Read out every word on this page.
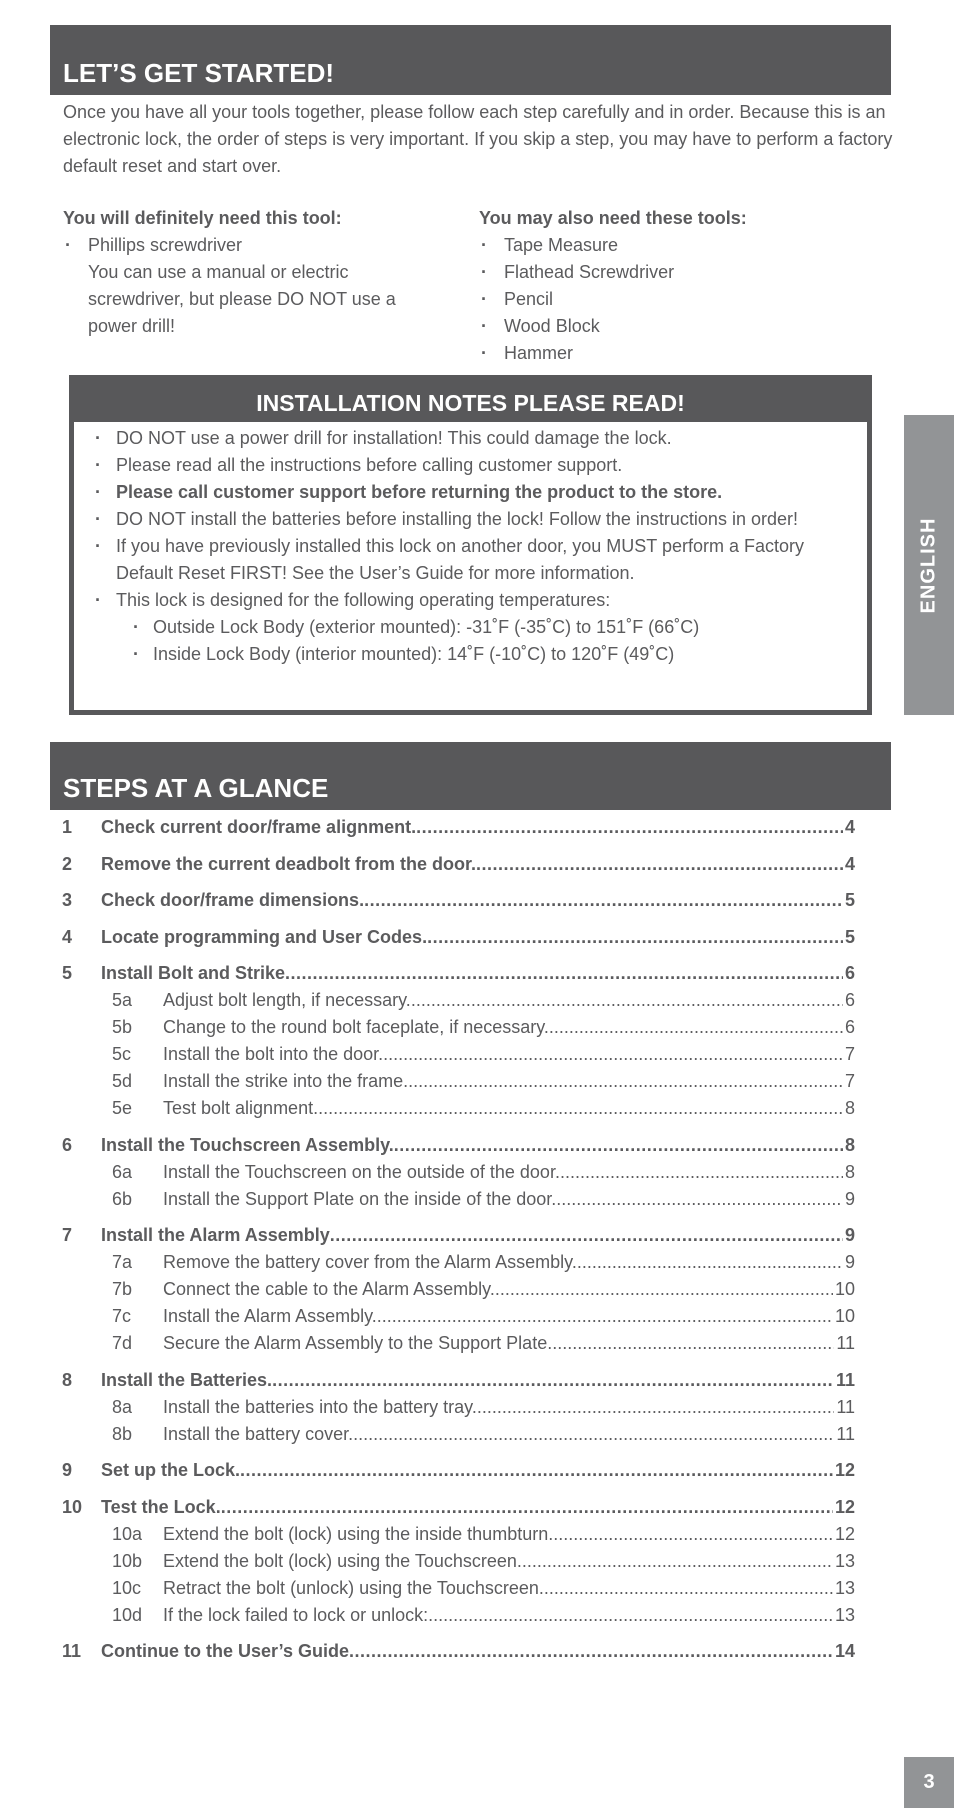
LET’S GET STARTED!
Once you have all your tools together, please follow each step carefully and in order. Because this is an electronic lock, the order of steps is very important. If you skip a step, you may have to perform a factory default reset and start over.
You will definitely need this tool:
· Phillips screwdriver
You can use a manual or electric screwdriver, but please DO NOT use a power drill!
You may also need these tools:
· Tape Measure
· Flathead Screwdriver
· Pencil
· Wood Block
· Hammer
INSTALLATION NOTES PLEASE READ!
· DO NOT use a power drill for installation! This could damage the lock.
· Please read all the instructions before calling customer support.
· Please call customer support before returning the product to the store.
· DO NOT install the batteries before installing the lock! Follow the instructions in order!
· If you have previously installed this lock on another door, you MUST perform a Factory Default Reset FIRST! See the User’s Guide for more information.
· This lock is designed for the following operating temperatures:
· Outside Lock Body (exterior mounted): -31˚F (-35˚C) to 151˚F (66˚C)
· Inside Lock Body (interior mounted): 14˚F (-10˚C) to 120˚F (49˚C)
ENGLISH
STEPS AT A GLANCE
1	Check current door/frame alignment. .....	4
2	Remove the current deadbolt from the door. .....	4
3	Check door/frame dimensions. .....	5
4	Locate programming and User Codes. .....	5
5	Install Bolt and Strike .....	6
5a	Adjust bolt length, if necessary. .....	6
5b	Change to the round bolt faceplate, if necessary. .....	6
5c	Install the bolt into the door. .....	7
5d	Install the strike into the frame. .....	7
5e	Test bolt alignment. .....	8
6	Install the Touchscreen Assembly. .....	8
6a	Install the Touchscreen on the outside of the door. .....	8
6b	Install the Support Plate on the inside of the door. .....	9
7	Install the Alarm Assembly .....	9
7a	Remove the battery cover from the Alarm Assembly. .....	9
7b	Connect the cable to the Alarm Assembly. .....	10
7c	Install the Alarm Assembly. .....	10
7d	Secure the Alarm Assembly to the Support Plate. .....	11
8	Install the Batteries. .....	11
8a	Install the batteries into the battery tray. .....	11
8b	Install the battery cover. .....	11
9	Set up the Lock. .....	12
10	Test the Lock. .....	12
10a	Extend the bolt (lock) using the inside thumbturn. .....	12
10b	Extend the bolt (lock) using the Touchscreen. .....	13
10c	Retract the bolt (unlock) using the Touchscreen. .....	13
10d	If the lock failed to lock or unlock: .....	13
11	Continue to the User’s Guide .....	14
3
